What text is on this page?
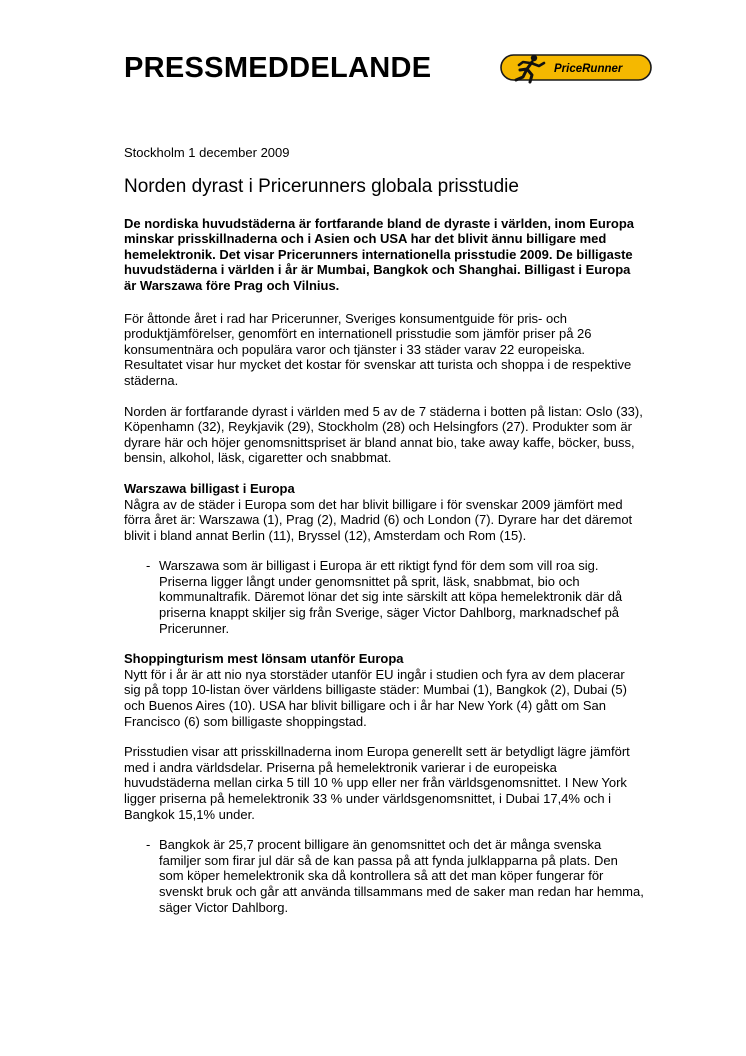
PRESSMEDDELANDE	PriceRunner

Stockholm 1 december 2009

Norden dyrast i Pricerunners globala prisstudie

De nordiska huvudstäderna är fortfarande bland de dyraste i världen, inom Europa minskar prisskillnaderna och i Asien och USA har det blivit ännu billigare med hemelektronik. Det visar Pricerunners internationella prisstudie 2009. De billigaste huvudstäderna i världen i år är Mumbai, Bangkok och Shanghai. Billigast i Europa är Warszawa före Prag och Vilnius.

För åttonde året i rad har Pricerunner, Sveriges konsumentguide för pris- och produktjämförelser, genomfört en internationell prisstudie som jämför priser på 26 konsumentnära och populära varor och tjänster i 33 städer varav 22 europeiska. Resultatet visar hur mycket det kostar för svenskar att turista och shoppa i de respektive städerna.

Norden är fortfarande dyrast i världen med 5 av de 7 städerna i botten på listan: Oslo (33), Köpenhamn (32), Reykjavik (29), Stockholm (28) och Helsingfors (27). Produkter som är dyrare här och höjer genomsnittspriset är bland annat bio, take away kaffe, böcker, buss, bensin, alkohol, läsk, cigaretter och snabbmat.

Warszawa billigast i Europa

Några av de städer i Europa som det har blivit billigare i för svenskar 2009 jämfört med förra året är: Warszawa (1), Prag (2), Madrid (6) och London (7). Dyrare har det däremot blivit i bland annat Berlin (11), Bryssel (12), Amsterdam och Rom (15).

- Warszawa som är billigast i Europa är ett riktigt fynd för dem som vill roa sig. Priserna ligger långt under genomsnittet på sprit, läsk, snabbmat, bio och kommunaltrafik. Däremot lönar det sig inte särskilt att köpa hemelektronik där då priserna knappt skiljer sig från Sverige, säger Victor Dahlborg, marknadschef på Pricerunner.

Shoppingturism mest lönsam utanför Europa

Nytt för i år är att nio nya storstäder utanför EU ingår i studien och fyra av dem placerar sig på topp 10-listan över världens billigaste städer: Mumbai (1), Bangkok (2), Dubai (5) och Buenos Aires (10). USA har blivit billigare och i år har New York (4) gått om San Francisco (6) som billigaste shoppingstad.

Prisstudien visar att prisskillnaderna inom Europa generellt sett är betydligt lägre jämfört med i andra världsdelar. Priserna på hemelektronik varierar i de europeiska huvudstäderna mellan cirka 5 till 10 % upp eller ner från världsgenomsnittet. I New York ligger priserna på hemelektronik 33 % under världsgenomsnittet, i Dubai 17,4% och i Bangkok 15,1% under.

- Bangkok är 25,7 procent billigare än genomsnittet och det är många svenska familjer som firar jul där så de kan passa på att fynda julklapparna på plats. Den som köper hemelektronik ska då kontrollera så att det man köper fungerar för svenskt bruk och går att använda tillsammans med de saker man redan har hemma, säger Victor Dahlborg.
